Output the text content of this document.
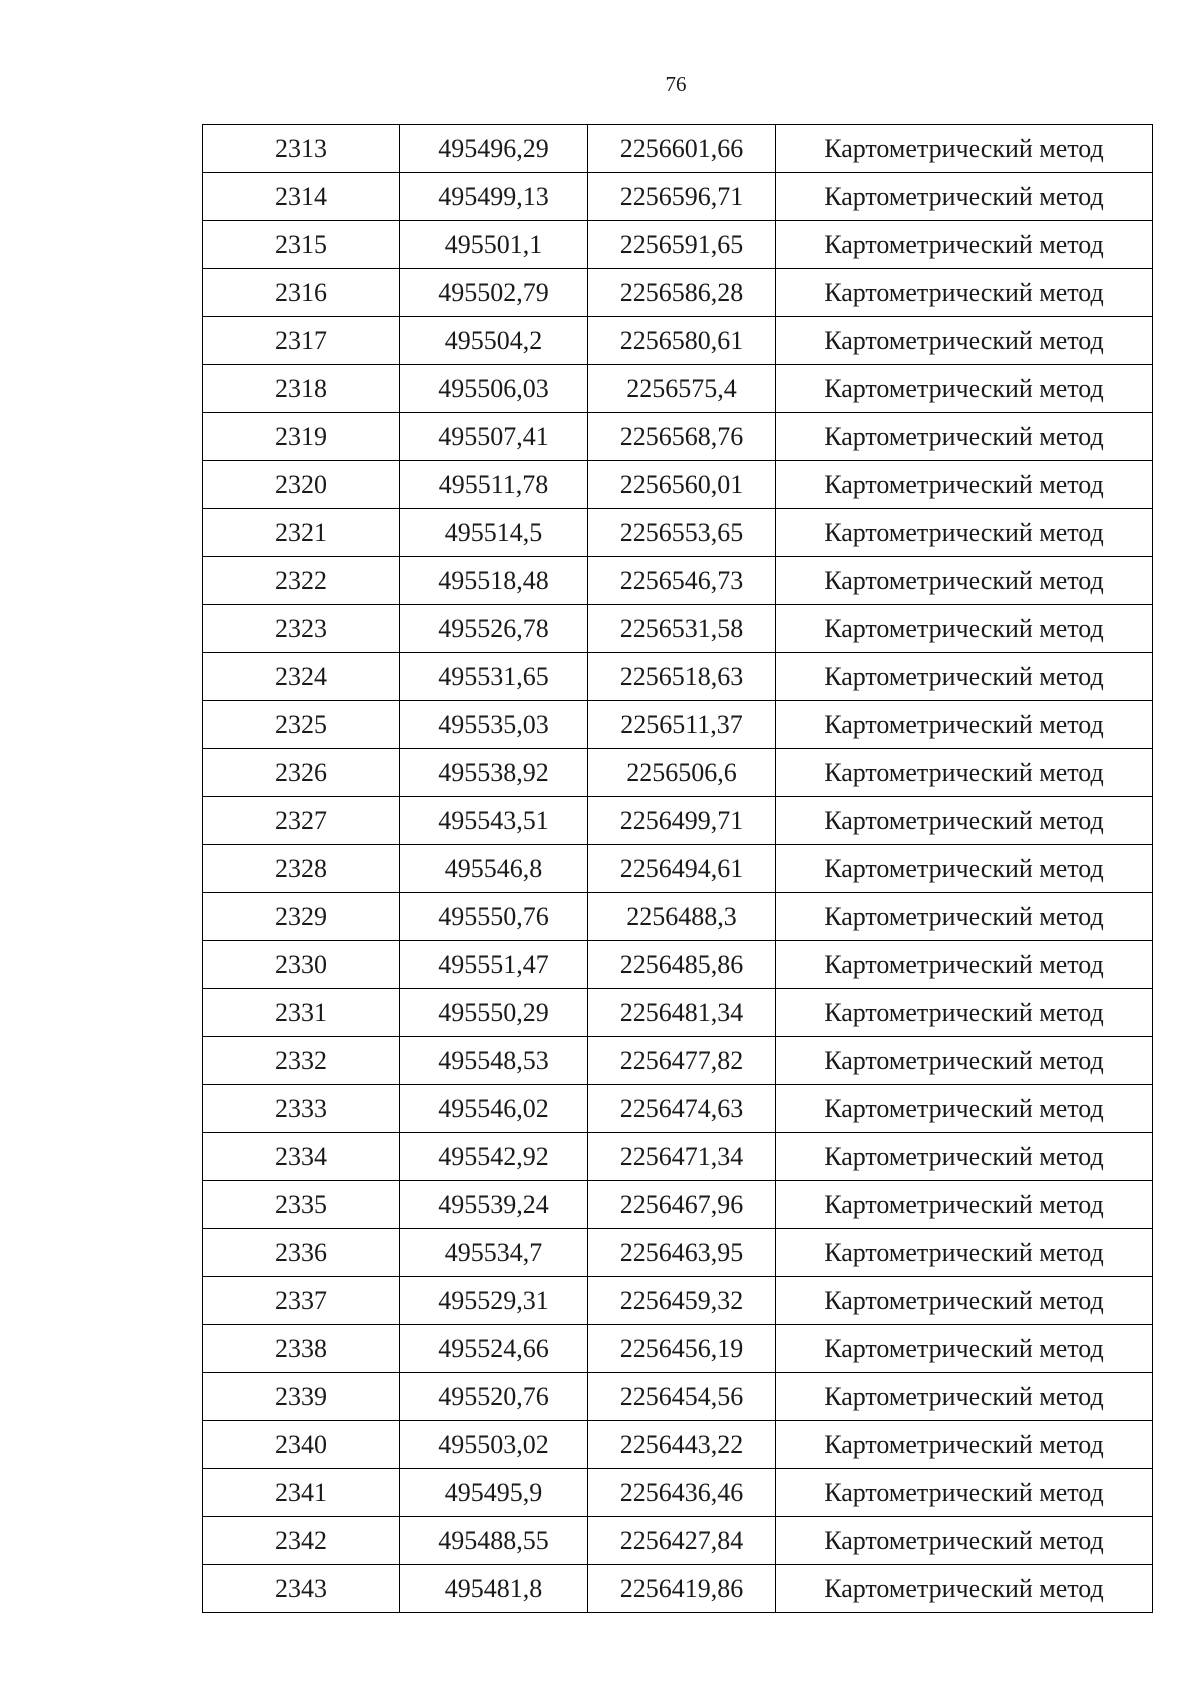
76
2313	495496,29	2256601,66	Картометрический метод
2314	495499,13	2256596,71	Картометрический метод
2315	495501,1	2256591,65	Картометрический метод
2316	495502,79	2256586,28	Картометрический метод
2317	495504,2	2256580,61	Картометрический метод
2318	495506,03	2256575,4	Картометрический метод
2319	495507,41	2256568,76	Картометрический метод
2320	495511,78	2256560,01	Картометрический метод
2321	495514,5	2256553,65	Картометрический метод
2322	495518,48	2256546,73	Картометрический метод
2323	495526,78	2256531,58	Картометрический метод
2324	495531,65	2256518,63	Картометрический метод
2325	495535,03	2256511,37	Картометрический метод
2326	495538,92	2256506,6	Картометрический метод
2327	495543,51	2256499,71	Картометрический метод
2328	495546,8	2256494,61	Картометрический метод
2329	495550,76	2256488,3	Картометрический метод
2330	495551,47	2256485,86	Картометрический метод
2331	495550,29	2256481,34	Картометрический метод
2332	495548,53	2256477,82	Картометрический метод
2333	495546,02	2256474,63	Картометрический метод
2334	495542,92	2256471,34	Картометрический метод
2335	495539,24	2256467,96	Картометрический метод
2336	495534,7	2256463,95	Картометрический метод
2337	495529,31	2256459,32	Картометрический метод
2338	495524,66	2256456,19	Картометрический метод
2339	495520,76	2256454,56	Картометрический метод
2340	495503,02	2256443,22	Картометрический метод
2341	495495,9	2256436,46	Картометрический метод
2342	495488,55	2256427,84	Картометрический метод
2343	495481,8	2256419,86	Картометрический метод
